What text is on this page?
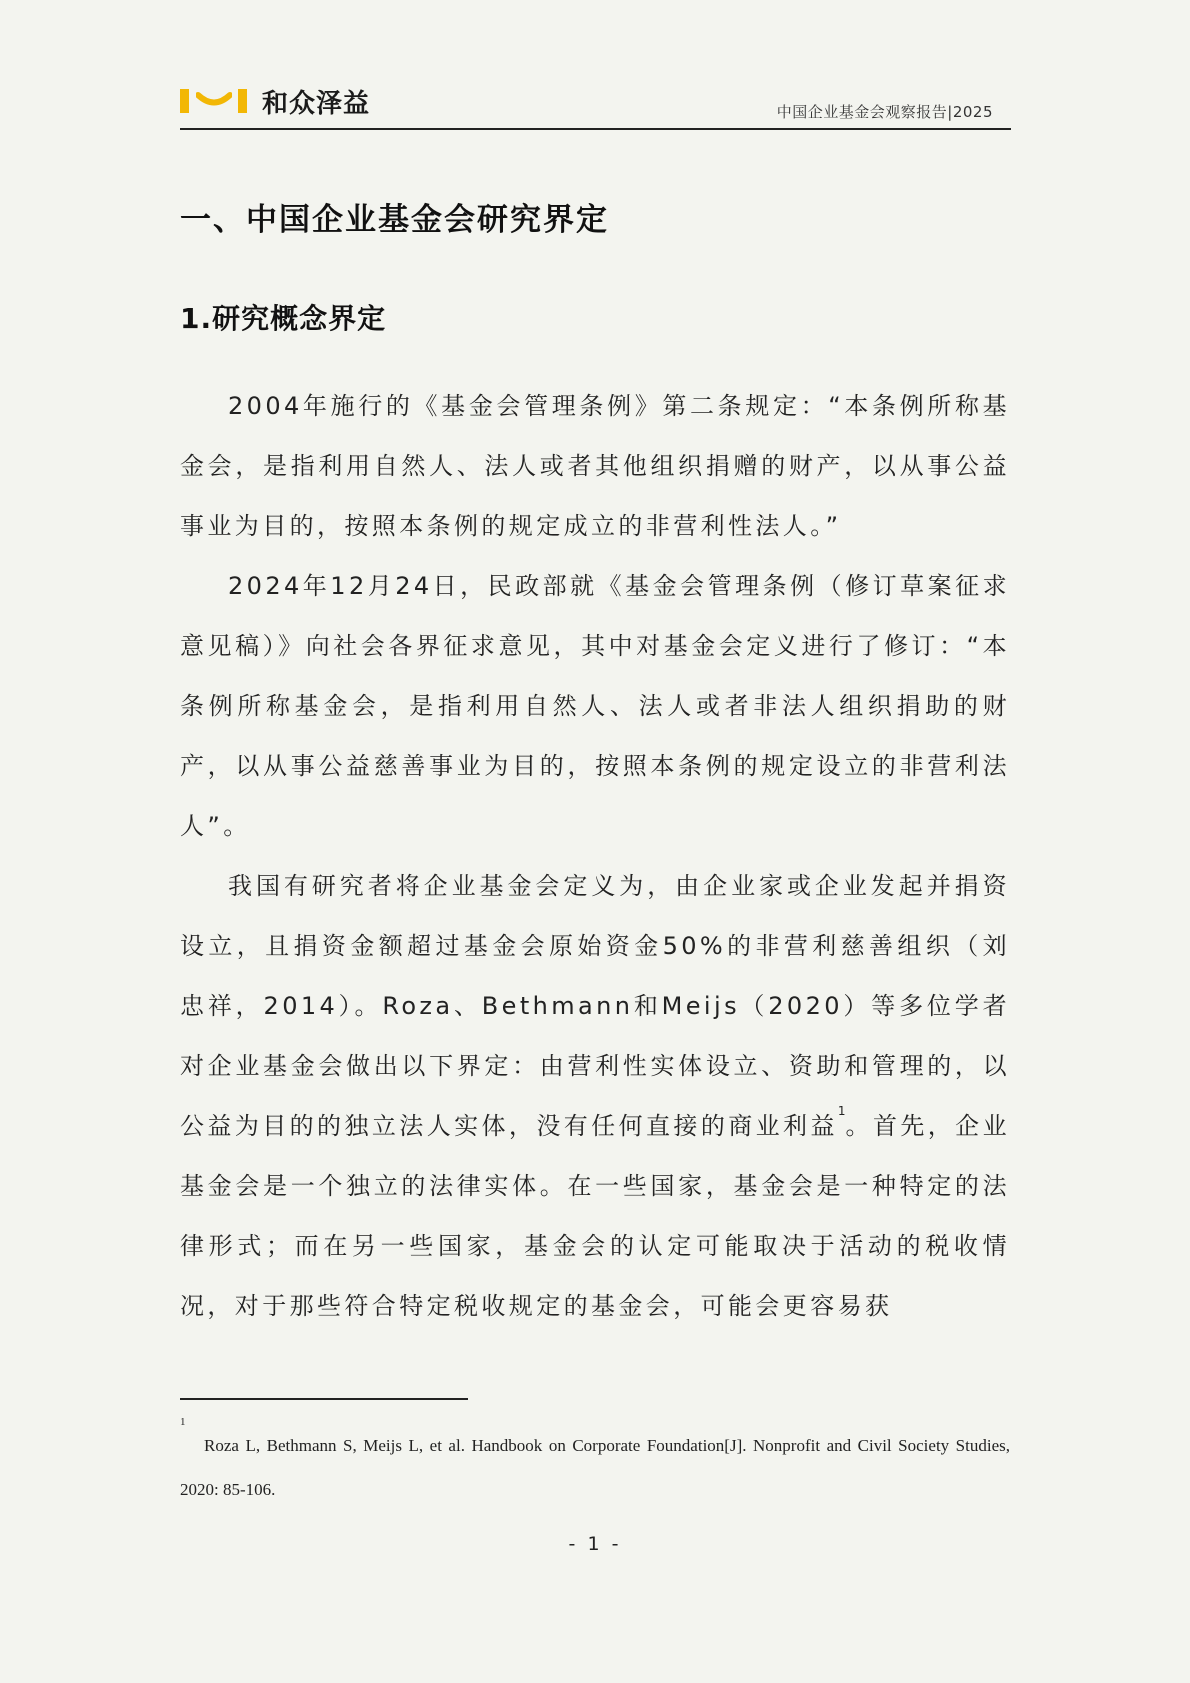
和众泽益	中国企业基金会观察报告|2025
一、中国企业基金会研究界定
1.研究概念界定

2004年施行的《基金会管理条例》第二条规定：“本条例所称基金会，是指利用自然人、法人或者其他组织捐赠的财产，以从事公益事业为目的，按照本条例的规定成立的非营利性法人。”

2024年12月24日，民政部就《基金会管理条例（修订草案征求意见稿）》向社会各界征求意见，其中对基金会定义进行了修订：“本条例所称基金会，是指利用自然人、法人或者非法人组织捐助的财产，以从事公益慈善事业为目的，按照本条例的规定设立的非营利法人”。

我国有研究者将企业基金会定义为，由企业家或企业发起并捐资设立，且捐资金额超过基金会原始资金50%的非营利慈善组织（刘忠祥，2014）。Roza、Bethmann和Meijs（2020）等多位学者对企业基金会做出以下界定：由营利性实体设立、资助和管理的，以公益为目的的独立法人实体，没有任何直接的商业利益$^1$。首先，企业基金会是一个独立的法律实体。在一些国家，基金会是一种特定的法律形式；而在另一些国家，基金会的认定可能取决于活动的税收情况，对于那些符合特定税收规定的基金会，可能会更容易获

1
Roza L, Bethmann S, Meijs L, et al. Handbook on Corporate Foundation[J]. Nonprofit and Civil Society Studies, 2020: 85-106.
- 1 -
